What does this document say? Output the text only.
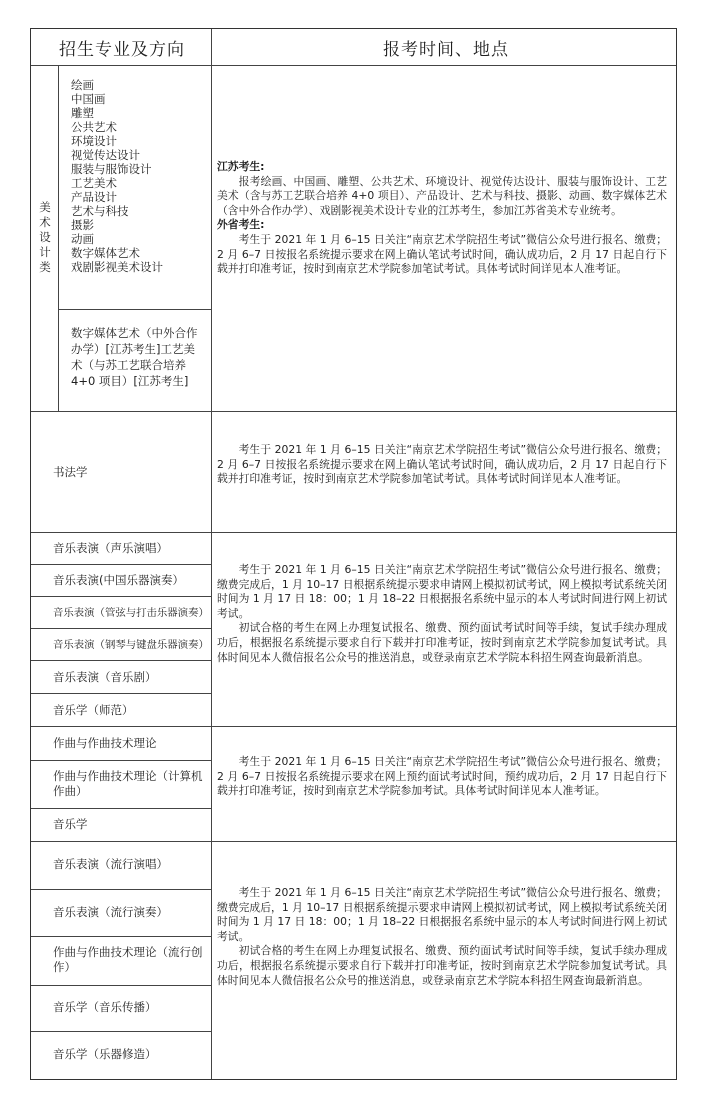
招生专业及方向	报考时间、地点
美术设计类
绘画
中国画
雕塑
公共艺术
环境设计
视觉传达设计
服装与服饰设计
工艺美术
产品设计
艺术与科技
摄影
动画
数字媒体艺术
戏剧影视美术设计
数字媒体艺术（中外合作办学）[江苏考生]工艺美术（与苏工艺联合培养 4+0 项目）[江苏考生]

江苏考生:

报考绘画、中国画、雕塑、公共艺术、环境设计、视觉传达设计、服装与服饰设计、工艺美术（含与苏工艺联合培养 4+0 项目）、产品设计、艺术与科技、摄影、动画、数字媒体艺术（含中外合作办学）、戏剧影视美术设计专业的江苏考生，参加江苏省美术专业统考。

外省考生:

考生于 2021 年 1 月 6–15 日关注“南京艺术学院招生考试”微信公众号进行报名、缴费；2 月 6–7 日按报名系统提示要求在网上确认笔试考试时间，确认成功后，2 月 17 日起自行下载并打印准考证，按时到南京艺术学院参加笔试考试。具体考试时间详见本人准考证。

书法学

考生于 2021 年 1 月 6–15 日关注“南京艺术学院招生考试”微信公众号进行报名、缴费；2 月 6–7 日按报名系统提示要求在网上确认笔试考试时间，确认成功后，2 月 17 日起自行下载并打印准考证，按时到南京艺术学院参加笔试考试。具体考试时间详见本人准考证。

音乐表演（声乐演唱）
音乐表演(中国乐器演奏）
音乐表演（管弦与打击乐器演奏）
音乐表演（钢琴与键盘乐器演奏）
音乐表演（音乐剧）
音乐学（师范）

考生于 2021 年 1 月 6–15 日关注“南京艺术学院招生考试”微信公众号进行报名、缴费；缴费完成后，1 月 10–17 日根据系统提示要求申请网上模拟初试考试，网上模拟考试系统关闭时间为 1 月 17 日 18：00；1 月 18–22 日根据报名系统中显示的本人考试时间进行网上初试考试。

初试合格的考生在网上办理复试报名、缴费、预约面试考试时间等手续，复试手续办理成功后，根据报名系统提示要求自行下载并打印准考证，按时到南京艺术学院参加复试考试。具体时间见本人微信报名公众号的推送消息，或登录南京艺术学院本科招生网查询最新消息。

作曲与作曲技术理论
作曲与作曲技术理论（计算机作曲）
音乐学

考生于 2021 年 1 月 6–15 日关注“南京艺术学院招生考试”微信公众号进行报名、缴费；2 月 6–7 日按报名系统提示要求在网上预约面试考试时间，预约成功后，2 月 17 日起自行下载并打印准考证，按时到南京艺术学院参加考试。具体考试时间详见本人准考证。

音乐表演（流行演唱）
音乐表演（流行演奏）
作曲与作曲技术理论（流行创作）
音乐学（音乐传播）
音乐学（乐器修造）

考生于 2021 年 1 月 6–15 日关注“南京艺术学院招生考试”微信公众号进行报名、缴费；缴费完成后，1 月 10–17 日根据系统提示要求申请网上模拟初试考试，网上模拟考试系统关闭时间为 1 月 17 日 18：00；1 月 18–22 日根据报名系统中显示的本人考试时间进行网上初试考试。

初试合格的考生在网上办理复试报名、缴费、预约面试考试时间等手续，复试手续办理成功后，根据报名系统提示要求自行下载并打印准考证，按时到南京艺术学院参加复试考试。具体时间见本人微信报名公众号的推送消息，或登录南京艺术学院本科招生网查询最新消息。
